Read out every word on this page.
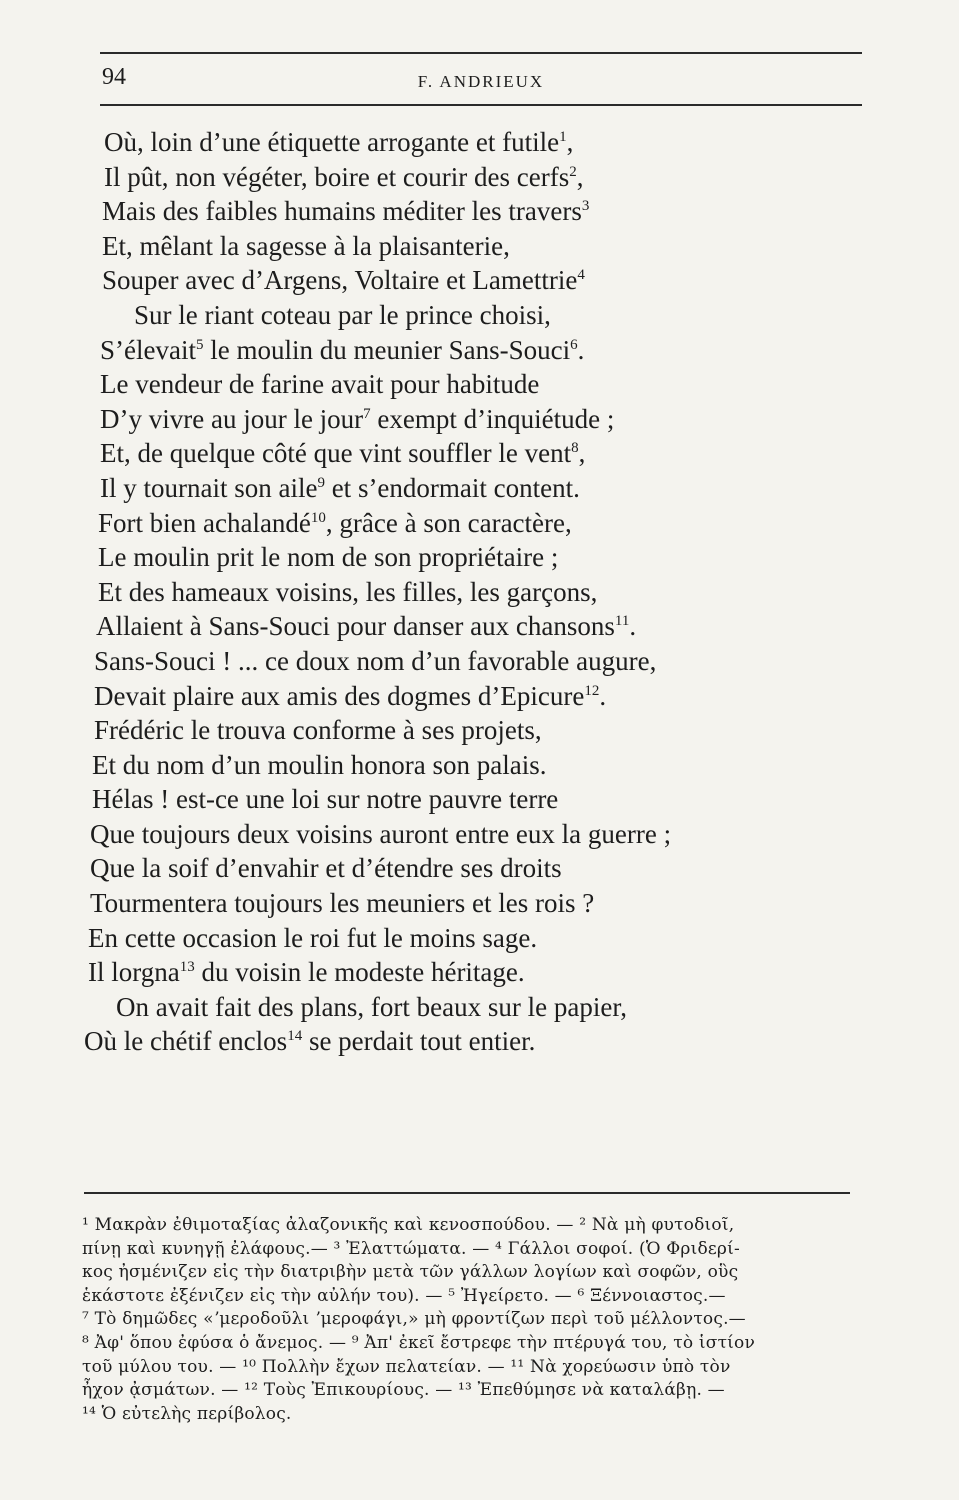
94	F. ANDRIEUX
Où, loin d’une étiquette arrogante et futile$^1$,
Il pût, non végéter, boire et courir des cerfs$^2$,
Mais des faibles humains méditer les travers$^3$
Et, mêlant la sagesse à la plaisanterie,
Souper avec d’Argens, Voltaire et Lamettrie$^4$
Sur le riant coteau par le prince choisi,
S’élevait$^5$ le moulin du meunier Sans-Souci$^6$.
Le vendeur de farine avait pour habitude
D’y vivre au jour le jour$^7$ exempt d’inquiétude ;
Et, de quelque côté que vint souffler le vent$^8$,
Il y tournait son aile$^9$ et s’endormait content.
Fort bien achalandé$^{10}$, grâce à son caractère,
Le moulin prit le nom de son propriétaire ;
Et des hameaux voisins, les filles, les garçons,
Allaient à Sans-Souci pour danser aux chansons$^{11}$.
Sans-Souci ! ... ce doux nom d’un favorable augure,
Devait plaire aux amis des dogmes d’Epicure$^{12}$.
Frédéric le trouva conforme à ses projets,
Et du nom d’un moulin honora son palais.
Hélas ! est-ce une loi sur notre pauvre terre
Que toujours deux voisins auront entre eux la guerre ;
Que la soif d’envahir et d’étendre ses droits
Tourmentera toujours les meuniers et les rois ?
En cette occasion le roi fut le moins sage.
Il lorgna$^{13}$ du voisin le modeste héritage.
On avait fait des plans, fort beaux sur le papier,
Où le chétif enclos$^{14}$ se perdait tout entier.
¹ Μακρὰν ἐθιμοταξίας ἀλαζονικῆς καὶ κενοσπούδου. — ² Νὰ μὴ φυτοδιοῖ,
πίνῃ καὶ κυνηγῇ ἐλάφους.— ³ Ἐλαττώματα. — ⁴ Γάλλοι σοφοί. (Ὁ Φριδερί-
κος ἠσμένιζεν εἰς τὴν διατριβὴν μετὰ τῶν γάλλων λογίων καὶ σοφῶν, οὓς
ἑκάστοτε ἐξένιζεν εἰς τὴν αὐλήν του). — ⁵ Ἠγείρετο. — ⁶ Ξέννοιαστος.—
⁷ Τὸ δημῶδες «ʼμεροδοῦλι ʼμεροφάγι,» μὴ φροντίζων περὶ τοῦ μέλλοντος.—
⁸ Ἀφ' ὅπου ἐφύσα ὁ ἄνεμος. — ⁹ Ἀπ' ἐκεῖ ἔστρεφε τὴν πτέρυγά του, τὸ ἱστίον
τοῦ μύλου του. — ¹⁰ Πολλὴν ἔχων πελατείαν. — ¹¹ Νὰ χορεύωσιν ὑπὸ τὸν
ἦχον ᾀσμάτων. — ¹² Τοὺς Ἐπικουρίους. — ¹³ Ἐπεθύμησε νὰ καταλάβῃ. —
¹⁴ Ὁ εὐτελὴς περίβολος.
